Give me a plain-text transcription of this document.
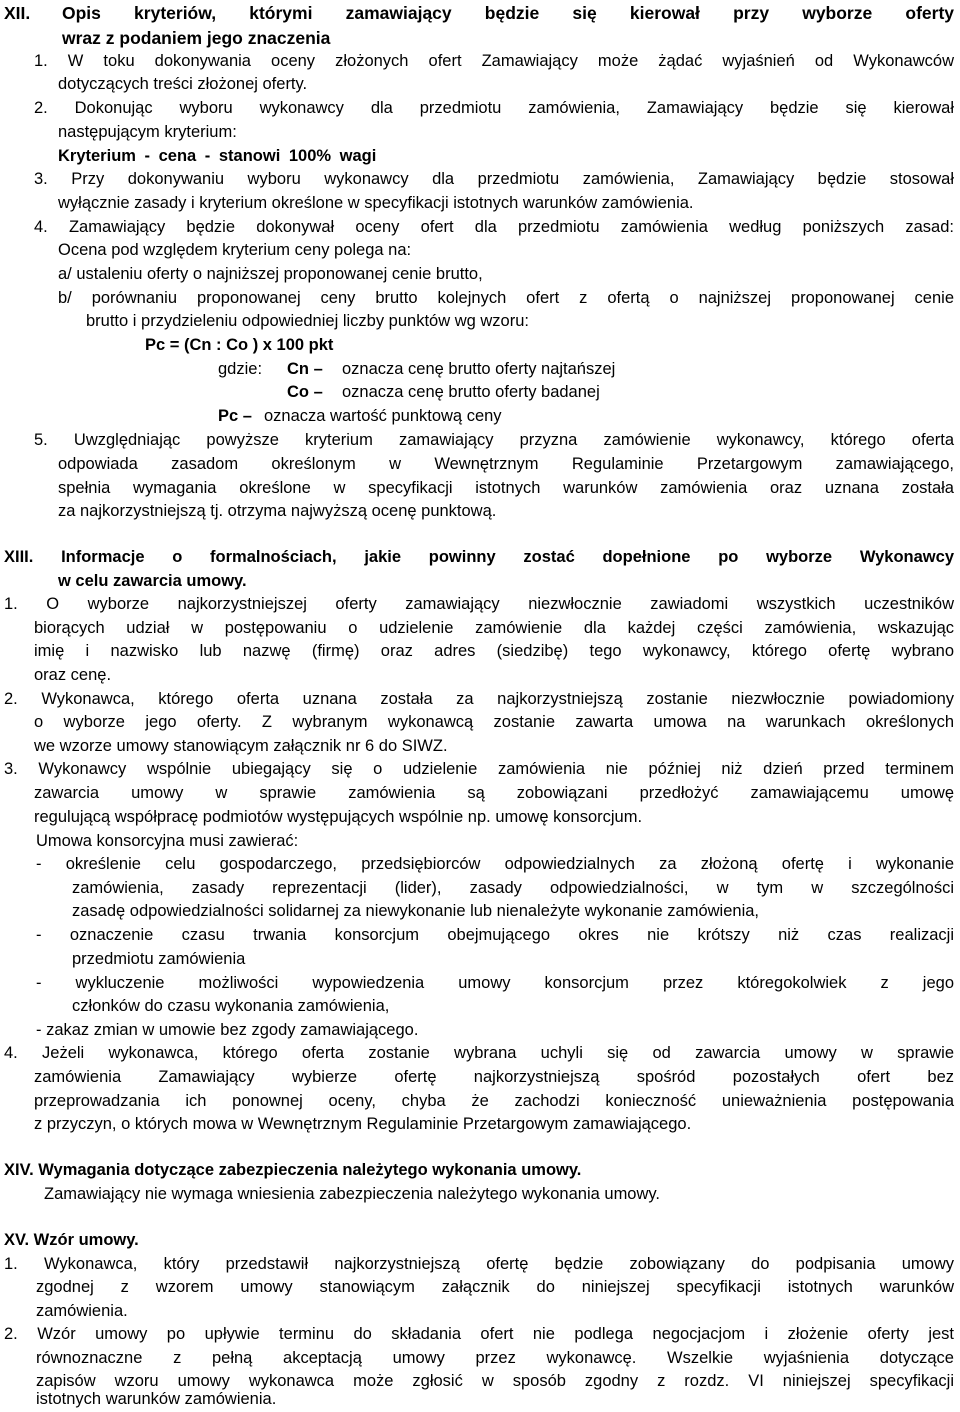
XII. Opis kryteriów, którymi zamawiający będzie się kierował przy wyborze oferty
wraz z podaniem jego znaczenia
1. W toku dokonywania oceny złożonych ofert Zamawiający może żądać wyjaśnień od Wykonawców
dotyczących treści złożonej oferty.
2. Dokonując wyboru wykonawcy dla przedmiotu zamówienia, Zamawiający będzie się kierował
następującym kryterium:
Kryterium - cena - stanowi 100% wagi
3. Przy dokonywaniu wyboru wykonawcy dla przedmiotu zamówienia, Zamawiający będzie stosował
wyłącznie zasady i kryterium określone w specyfikacji istotnych warunków zamówienia.
4. Zamawiający będzie dokonywał oceny ofert dla przedmiotu zamówienia według poniższych zasad:
Ocena pod względem kryterium ceny polega na:
a/ ustaleniu oferty o najniższej proponowanej cenie brutto,
b/ porównaniu proponowanej ceny brutto kolejnych ofert z ofertą o najniższej proponowanej cenie
brutto i przydzieleniu odpowiedniej liczby punktów wg wzoru:
Pc = (Cn : Co ) x 100 pkt
gdzie: Cn – oznacza cenę brutto oferty najtańszej
Co – oznacza cenę brutto oferty badanej
Pc – oznacza wartość punktową ceny
5. Uwzględniając powyższe kryterium zamawiający przyzna zamówienie wykonawcy, którego oferta
odpowiada zasadom określonym w Wewnętrznym Regulaminie Przetargowym zamawiającego,
spełnia wymagania określone w specyfikacji istotnych warunków zamówienia oraz uznana została
za najkorzystniejszą tj. otrzyma najwyższą ocenę punktową.
XIII. Informacje o formalnościach, jakie powinny zostać dopełnione po wyborze Wykonawcy
w celu zawarcia umowy.
1. O wyborze najkorzystniejszej oferty zamawiający niezwłocznie zawiadomi wszystkich uczestników
biorących udział w postępowaniu o udzielenie zamówienie dla każdej części zamówienia, wskazując
imię i nazwisko lub nazwę (firmę) oraz adres (siedzibę) tego wykonawcy, którego ofertę wybrano
oraz cenę.
2. Wykonawca, którego oferta uznana została za najkorzystniejszą zostanie niezwłocznie powiadomiony
o wyborze jego oferty. Z wybranym wykonawcą zostanie zawarta umowa na warunkach określonych
we wzorze umowy stanowiącym załącznik nr 6 do SIWZ.
3. Wykonawcy wspólnie ubiegający się o udzielenie zamówienia nie później niż dzień przed terminem
zawarcia umowy w sprawie zamówienia są zobowiązani przedłożyć zamawiającemu umowę
regulującą współpracę podmiotów występujących wspólnie np. umowę konsorcjum.
Umowa konsorcyjna musi zawierać:
- określenie celu gospodarczego, przedsiębiorców odpowiedzialnych za złożoną ofertę i wykonanie
zamówienia, zasady reprezentacji (lider), zasady odpowiedzialności, w tym w szczególności
zasadę odpowiedzialności solidarnej za niewykonanie lub nienależyte wykonanie zamówienia,
- oznaczenie czasu trwania konsorcjum obejmującego okres nie krótszy niż czas realizacji
przedmiotu zamówienia
- wykluczenie możliwości wypowiedzenia umowy konsorcjum przez któregokolwiek z jego
członków do czasu wykonania zamówienia,
- zakaz zmian w umowie bez zgody zamawiającego.
4. Jeżeli wykonawca, którego oferta zostanie wybrana uchyli się od zawarcia umowy w sprawie
zamówienia Zamawiający wybierze ofertę najkorzystniejszą spośród pozostałych ofert bez
przeprowadzania ich ponownej oceny, chyba że zachodzi konieczność unieważnienia postępowania
z przyczyn, o których mowa w Wewnętrznym Regulaminie Przetargowym zamawiającego.
XIV. Wymagania dotyczące zabezpieczenia należytego wykonania umowy.
Zamawiający nie wymaga wniesienia zabezpieczenia należytego wykonania umowy.
XV. Wzór umowy.
1. Wykonawca, który przedstawił najkorzystniejszą ofertę będzie zobowiązany do podpisania umowy
zgodnej z wzorem umowy stanowiącym załącznik do niniejszej specyfikacji istotnych warunków
zamówienia.
2. Wzór umowy po upływie terminu do składania ofert nie podlega negocjacjom i złożenie oferty jest
równoznaczne z pełną akceptacją umowy przez wykonawcę. Wszelkie wyjaśnienia dotyczące
zapisów wzoru umowy wykonawca może zgłosić w sposób zgodny z rozdz. VI niniejszej specyfikacji
istotnych warunków zamówienia.
